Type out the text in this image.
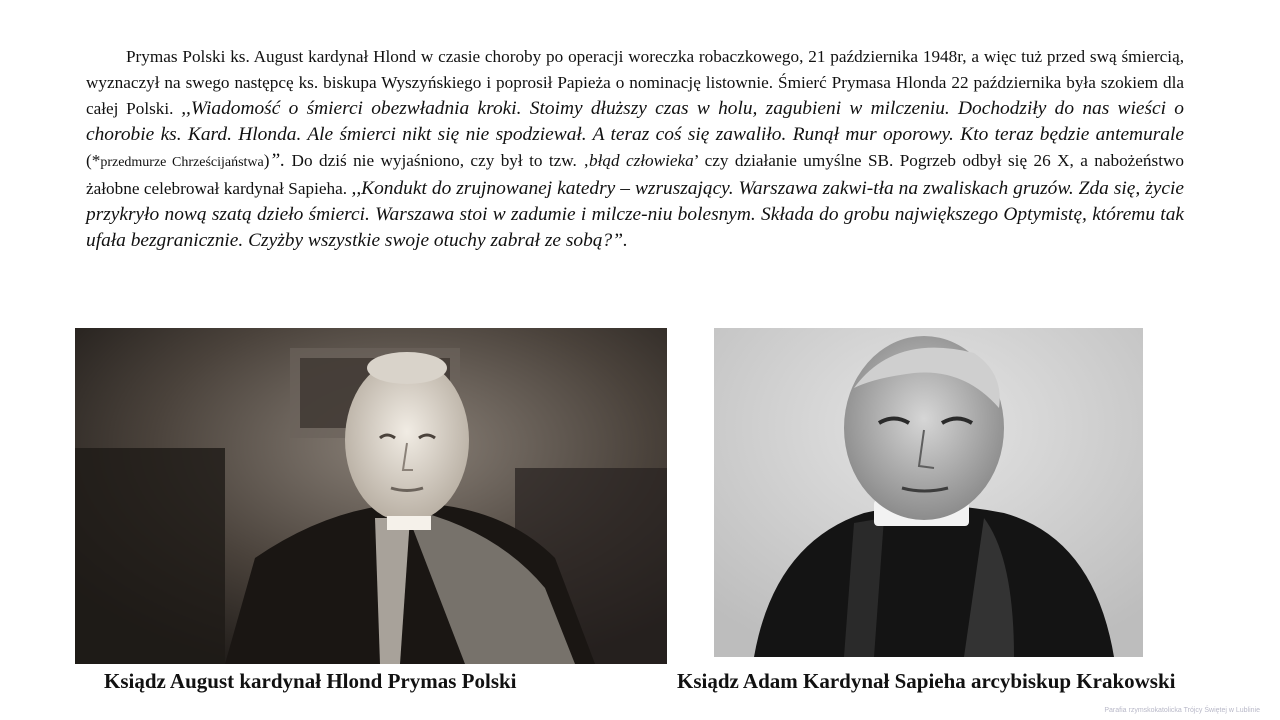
Prymas Polski ks. August kardynał Hlond w czasie choroby po operacji woreczka robaczkowego, 21 października 1948r, a więc tuż przed swą śmiercią, wyznaczył na swego następcę ks. biskupa Wyszyńskiego i poprosił Papieża o nominację listownie. Śmierć Prymasa Hlonda 22 października była szokiem dla całej Polski. ,,Wiadomość o śmierci obezwładnia kroki. Stoimy dłuższy czas w holu, zagubieni w milczeniu. Dochodziły do nas wieści o chorobie ks. Kard. Hlonda. Ale śmierci nikt się nie spodziewał. A teraz coś się zawaliło. Runął mur oporowy. Kto teraz będzie antemurale (*przedmurze Chrześcijaństwa)”. Do dziś nie wyjaśniono, czy był to tzw. ‚błąd człowieka’ czy działanie umyślne SB. Pogrzeb odbył się 26 X, a nabożeństwo żałobne celebrował kardynał Sapieha. ,,Kondukt do zrujnowanej katedry – wzruszający. Warszawa zakwi-tła na zwaliskach gruzów. Zda się, życie przykryło nową szatą dzieło śmierci. Warszawa stoi w zadumie i milcze-niu bolesnym. Składa do grobu największego Optymistę, któremu tak ufała bezgranicznie. Czyżby wszystkie swoje otuchy zabrał ze sobą?”.

Ksiądz August kardynał Hlond Prymas Polski	Ksiądz Adam Kardynał Sapieha arcybiskup Krakowski
Parafia rzymskokatolicka Trójcy Świętej w Lublinie
